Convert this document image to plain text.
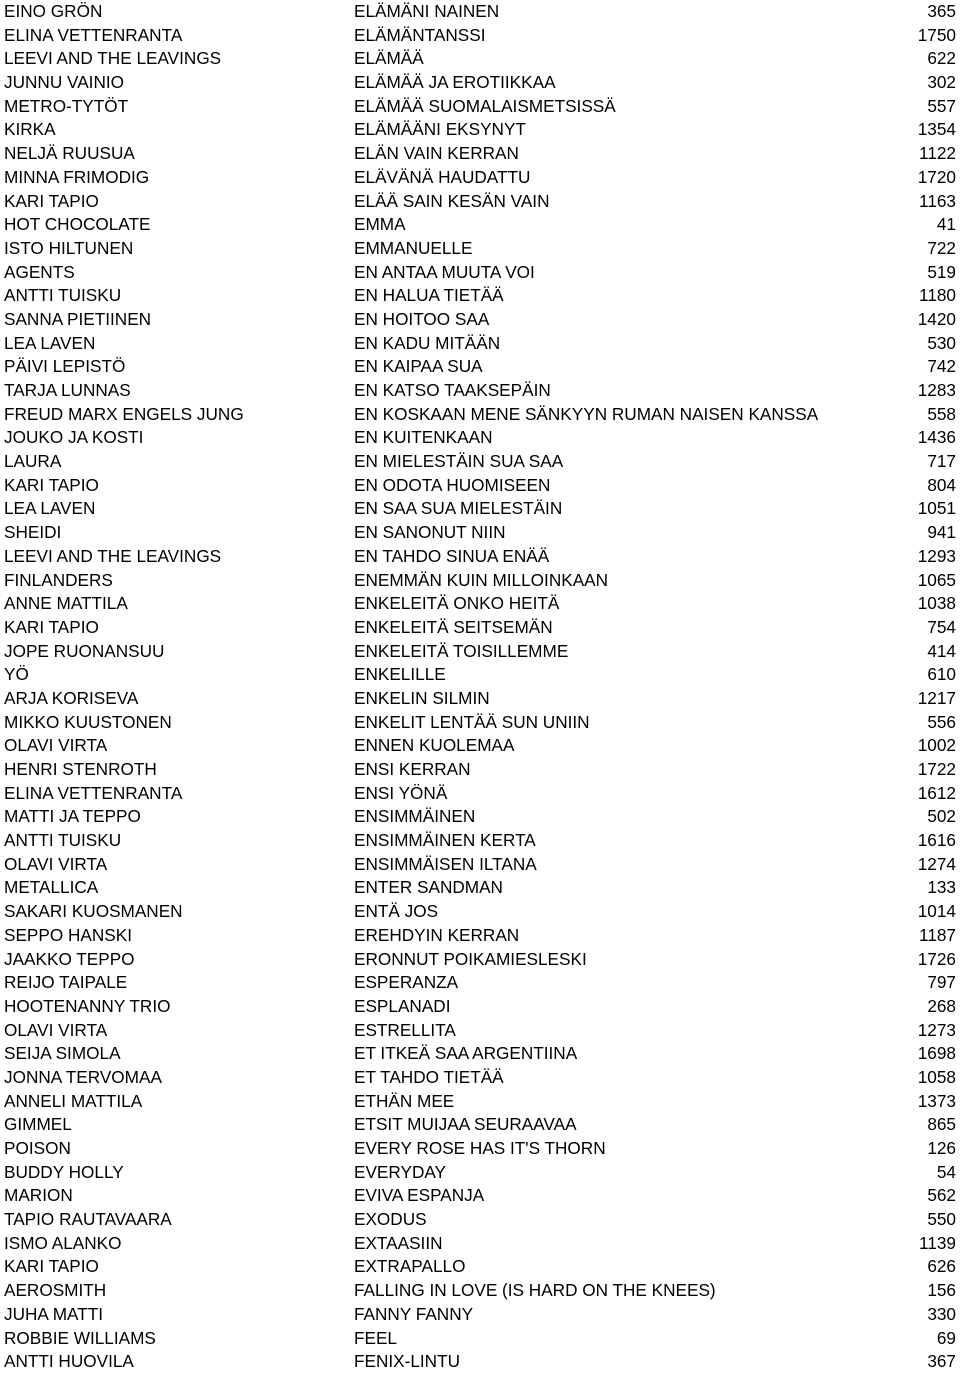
EINO GRÖN	ELÄMÄNI NAINEN	365
ELINA VETTENRANTA	ELÄMÄNTANSSI	1750
LEEVI AND THE LEAVINGS	ELÄMÄÄ	622
JUNNU VAINIO	ELÄMÄÄ JA EROTIIKKAA	302
METRO-TYTÖT	ELÄMÄÄ SUOMALAISMETSISSÄ	557
KIRKA	ELÄMÄÄNI EKSYNYT	1354
NELJÄ RUUSUA	ELÄN VAIN KERRAN	1122
MINNA FRIMODIG	ELÄVÄNÄ HAUDATTU	1720
KARI TAPIO	ELÄÄ SAIN KESÄN VAIN	1163
HOT CHOCOLATE	EMMA	41
ISTO HILTUNEN	EMMANUELLE	722
AGENTS	EN ANTAA MUUTA VOI	519
ANTTI TUISKU	EN HALUA TIETÄÄ	1180
SANNA PIETIINEN	EN HOITOO SAA	1420
LEA LAVEN	EN KADU MITÄÄN	530
PÄIVI LEPISTÖ	EN KAIPAA SUA	742
TARJA LUNNAS	EN KATSO TAAKSEPÄIN	1283
FREUD MARX ENGELS JUNG	EN KOSKAAN MENE SÄNKYYN RUMAN NAISEN KANSSA	558
JOUKO JA KOSTI	EN KUITENKAAN	1436
LAURA	EN MIELESTÄIN SUA SAA	717
KARI TAPIO	EN ODOTA HUOMISEEN	804
LEA LAVEN	EN SAA SUA MIELESTÄIN	1051
SHEIDI	EN SANONUT NIIN	941
LEEVI AND THE LEAVINGS	EN TAHDO SINUA ENÄÄ	1293
FINLANDERS	ENEMMÄN KUIN MILLOINKAAN	1065
ANNE MATTILA	ENKELEITÄ ONKO HEITÄ	1038
KARI TAPIO	ENKELEITÄ SEITSEMÄN	754
JOPE RUONANSUU	ENKELEITÄ TOISILLEMME	414
YÖ	ENKELILLE	610
ARJA KORISEVA	ENKELIN SILMIN	1217
MIKKO KUUSTONEN	ENKELIT LENTÄÄ SUN UNIIN	556
OLAVI VIRTA	ENNEN KUOLEMAA	1002
HENRI STENROTH	ENSI KERRAN	1722
ELINA VETTENRANTA	ENSI YÖNÄ	1612
MATTI JA TEPPO	ENSIMMÄINEN	502
ANTTI TUISKU	ENSIMMÄINEN KERTA	1616
OLAVI VIRTA	ENSIMMÄISEN ILTANA	1274
METALLICA	ENTER SANDMAN	133
SAKARI KUOSMANEN	ENTÄ JOS	1014
SEPPO HANSKI	EREHDYIN KERRAN	1187
JAAKKO TEPPO	ERONNUT POIKAMIESLESKI	1726
REIJO TAIPALE	ESPERANZA	797
HOOTENANNY TRIO	ESPLANADI	268
OLAVI VIRTA	ESTRELLITA	1273
SEIJA SIMOLA	ET ITKEÄ SAA ARGENTIINA	1698
JONNA TERVOMAA	ET TAHDO TIETÄÄ	1058
ANNELI MATTILA	ETHÄN MEE	1373
GIMMEL	ETSIT MUIJAA SEURAAVAA	865
POISON	EVERY ROSE HAS IT'S THORN	126
BUDDY HOLLY	EVERYDAY	54
MARION	EVIVA ESPANJA	562
TAPIO RAUTAVAARA	EXODUS	550
ISMO ALANKO	EXTAASIIN	1139
KARI TAPIO	EXTRAPALLO	626
AEROSMITH	FALLING IN LOVE (IS HARD ON THE KNEES)	156
JUHA MATTI	FANNY FANNY	330
ROBBIE WILLIAMS	FEEL	69
ANTTI HUOVILA	FENIX-LINTU	367
